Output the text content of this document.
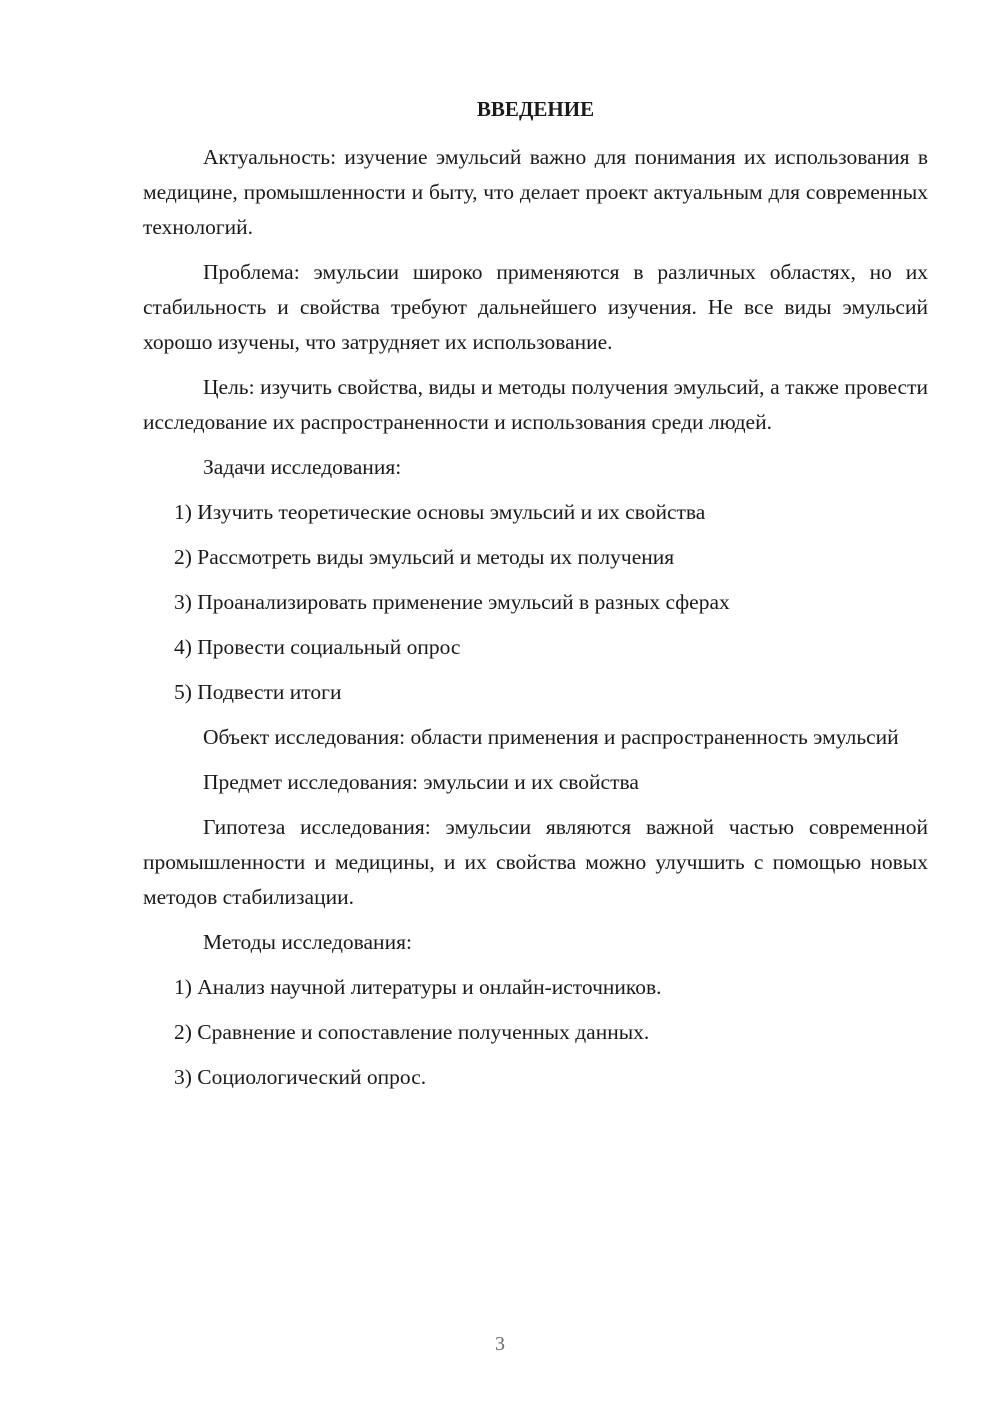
ВВЕДЕНИЕ

Актуальность: изучение эмульсий важно для понимания их использования в медицине, промышленности и быту, что делает проект актуальным для современных технологий.

Проблема: эмульсии широко применяются в различных областях, но их стабильность и свойства требуют дальнейшего изучения. Не все виды эмульсий хорошо изучены, что затрудняет их использование.

Цель: изучить свойства, виды и методы получения эмульсий, а также провести исследование их распространенности и использования среди людей.

Задачи исследования:

1) Изучить теоретические основы эмульсий и их свойства
2) Рассмотреть виды эмульсий и методы их получения
3) Проанализировать применение эмульсий в разных сферах
4) Провести социальный опрос
5) Подвести итоги

Объект исследования: области применения и распространенность эмульсий

Предмет исследования: эмульсии и их свойства

Гипотеза исследования: эмульсии являются важной частью современной промышленности и медицины, и их свойства можно улучшить с помощью новых методов стабилизации.

Методы исследования:

1) Анализ научной литературы и онлайн-источников.
2) Сравнение и сопоставление полученных данных.
3) Социологический опрос.
3
